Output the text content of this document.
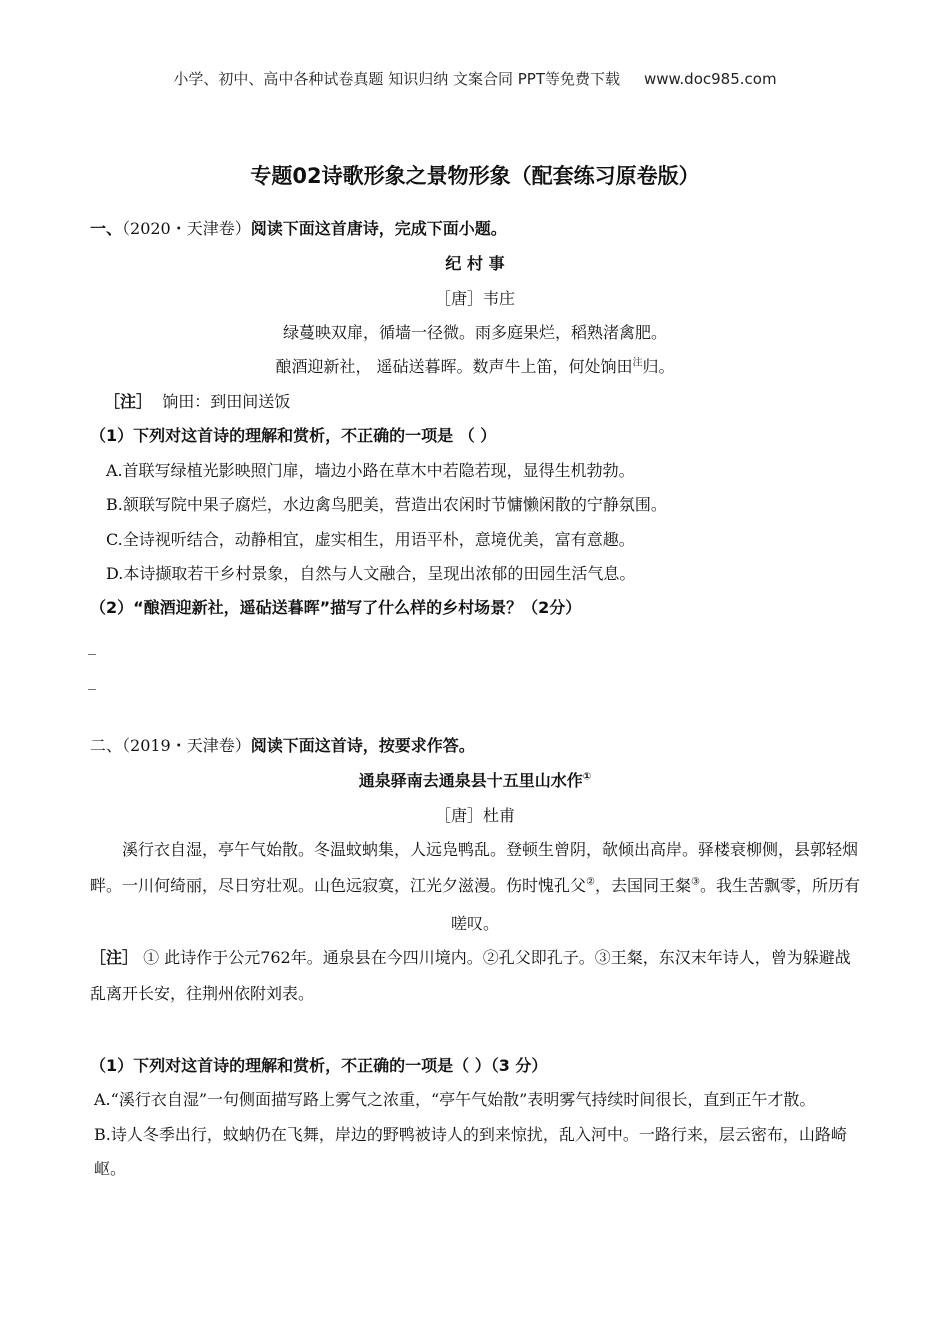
小学、初中、高中各种试卷真题 知识归纳 文案合同 PPT等免费下载 www.doc985.com
专题02诗歌形象之景物形象（配套练习原卷版）
一、（2020・天津卷）阅读下面这首唐诗，完成下面小题。
纪 村 事
［唐］韦庄
绿蔓映双扉，循墙一径微。雨多庭果烂，稻熟渚禽肥。
酿酒迎新社， 遥砧送暮晖。数声牛上笛，何处饷田$^注$归。
［注］ 饷田：到田间送饭
（1）下列对这首诗的理解和赏析，不正确的一项是 （ ）
A.首联写绿植光影映照门扉，墙边小路在草木中若隐若现，显得生机勃勃。
B.颔联写院中果子腐烂，水边禽鸟肥美，营造出农闲时节慵懒闲散的宁静氛围。
C.全诗视听结合，动静相宜，虚实相生，用语平朴，意境优美，富有意趣。
D.本诗撷取若干乡村景象，自然与人文融合，呈现出浓郁的田园生活气息。
（2）“酿酒迎新社，遥砧送暮晖”描写了什么样的乡村场景？（2分）
_
_
二、（2019・天津卷）阅读下面这首诗，按要求作答。
通泉驿南去通泉县十五里山水作①
［唐］杜甫
溪行衣自湿，亭午气始散。冬温蚊蚋集，人远凫鸭乱。登顿生曾阴，欹倾出高岸。驿楼衰柳侧，县郭轻烟畔。一川何绮丽，尽日穷壮观。山色远寂寞，江光夕滋漫。伤时愧孔父②，去国同王粲③。我生苦飘零，所历有
嗟叹。
［注］ ① 此诗作于公元762年。通泉县在今四川境内。②孔父即孔子。③王粲，东汉末年诗人，曾为躲避战乱离开长安，往荆州依附刘表。
（1）下列对这首诗的理解和赏析，不正确的一项是（ ）（3 分）
A.“溪行衣自湿”一句侧面描写路上雾气之浓重，“亭午气始散”表明雾气持续时间很长，直到正午才散。
B.诗人冬季出行，蚊蚋仍在飞舞，岸边的野鸭被诗人的到来惊扰，乱入河中。一路行来，层云密布，山路崎
岖。
